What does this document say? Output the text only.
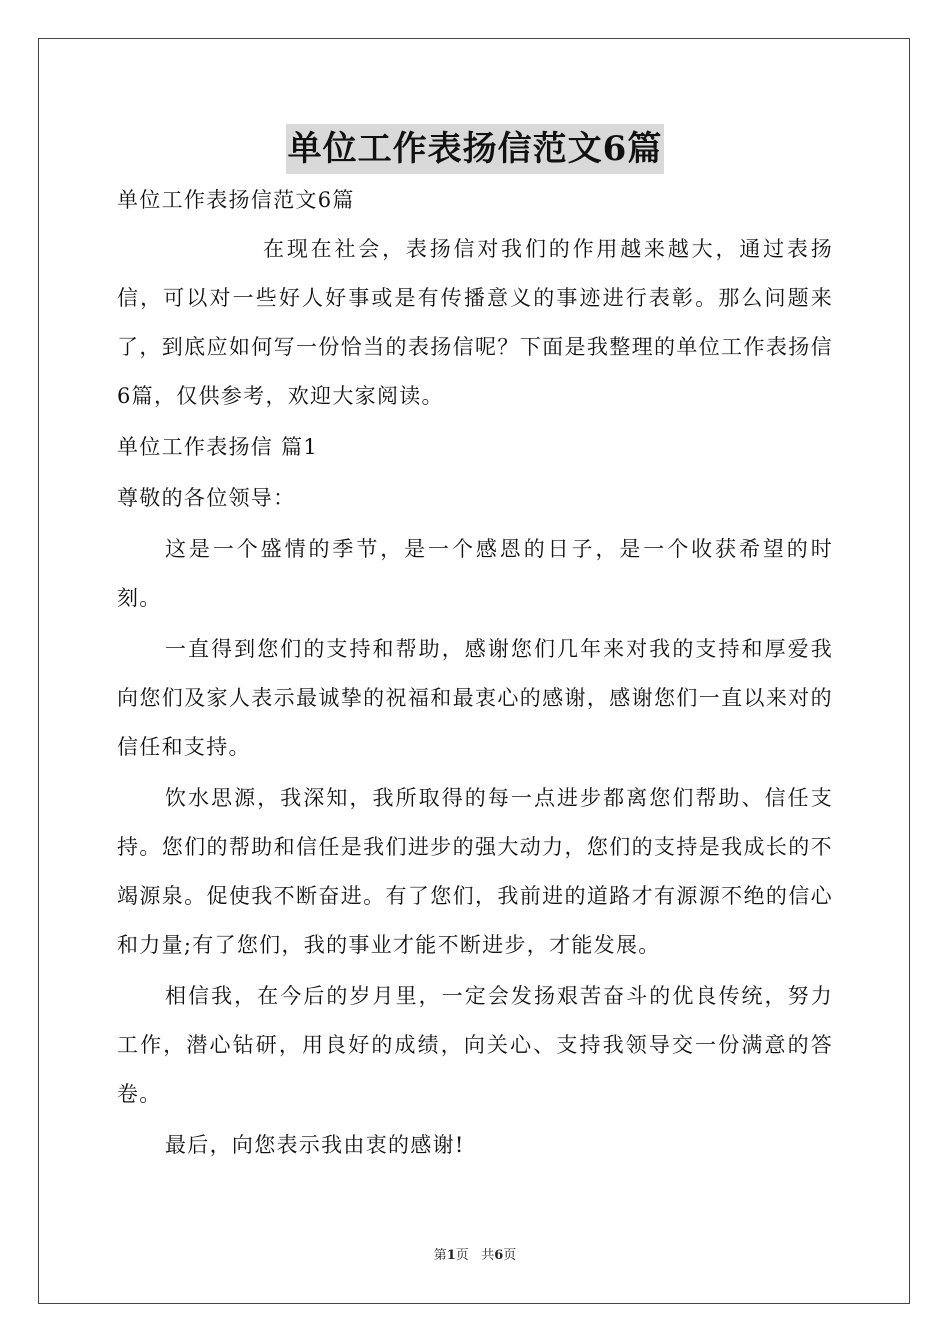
单位工作表扬信范文6篇

单位工作表扬信范文6篇

在现在社会，表扬信对我们的作用越来越大，通过表扬信，可以对一些好人好事或是有传播意义的事迹进行表彰。那么问题来了，到底应如何写一份恰当的表扬信呢？下面是我整理的单位工作表扬信6篇，仅供参考，欢迎大家阅读。

单位工作表扬信 篇1

尊敬的各位领导：

这是一个盛情的季节，是一个感恩的日子，是一个收获希望的时刻。

一直得到您们的支持和帮助，感谢您们几年来对我的支持和厚爱我向您们及家人表示最诚挚的祝福和最衷心的感谢，感谢您们一直以来对的信任和支持。

饮水思源，我深知，我所取得的每一点进步都离您们帮助、信任支持。您们的帮助和信任是我们进步的强大动力，您们的支持是我成长的不竭源泉。促使我不断奋进。有了您们，我前进的道路才有源源不绝的信心和力量;有了您们，我的事业才能不断进步，才能发展。

相信我，在今后的岁月里，一定会发扬艰苦奋斗的优良传统，努力工作，潜心钻研，用良好的成绩，向关心、支持我领导交一份满意的答卷。

最后，向您表示我由衷的感谢!

第1页 共6页
